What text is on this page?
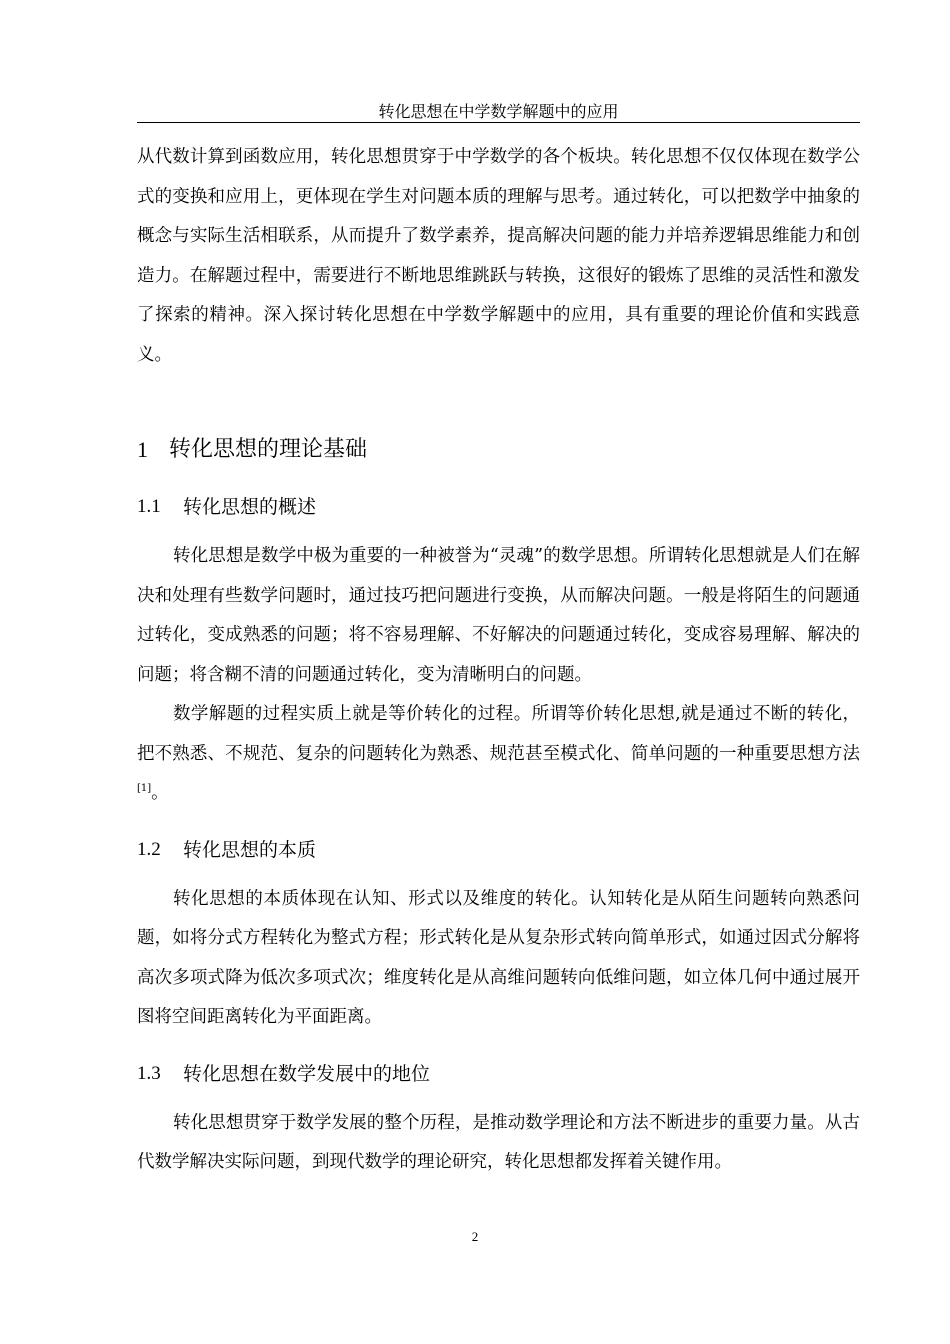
转化思想在中学数学解题中的应用

从代数计算到函数应用，转化思想贯穿于中学数学的各个板块。转化思想不仅仅体现在数学公式的变换和应用上，更体现在学生对问题本质的理解与思考。通过转化，可以把数学中抽象的概念与实际生活相联系，从而提升了数学素养，提高解决问题的能力并培养逻辑思维能力和创造力。在解题过程中，需要进行不断地思维跳跃与转换，这很好的锻炼了思维的灵活性和激发了探索的精神。深入探讨转化思想在中学数学解题中的应用，具有重要的理论价值和实践意义。

1 转化思想的理论基础
1.1	转化思想的概述

转化思想是数学中极为重要的一种被誉为“灵魂”的数学思想。所谓转化思想就是人们在解决和处理有些数学问题时，通过技巧把问题进行变换，从而解决问题。一般是将陌生的问题通过转化，变成熟悉的问题；将不容易理解、不好解决的问题通过转化，变成容易理解、解决的问题；将含糊不清的问题通过转化，变为清晰明白的问题。

数学解题的过程实质上就是等价转化的过程。所谓等价转化思想,就是通过不断的转化，把不熟悉、不规范、复杂的问题转化为熟悉、规范甚至模式化、简单问题的一种重要思想方法[1]。

1.2	转化思想的本质

转化思想的本质体现在认知、形式以及维度的转化。认知转化是从陌生问题转向熟悉问题，如将分式方程转化为整式方程；形式转化是从复杂形式转向简单形式，如通过因式分解将高次多项式降为低次多项式次；维度转化是从高维问题转向低维问题，如立体几何中通过展开图将空间距离转化为平面距离。

1.3	转化思想在数学发展中的地位

转化思想贯穿于数学发展的整个历程，是推动数学理论和方法不断进步的重要力量。从古代数学解决实际问题，到现代数学的理论研究，转化思想都发挥着关键作用。

2
